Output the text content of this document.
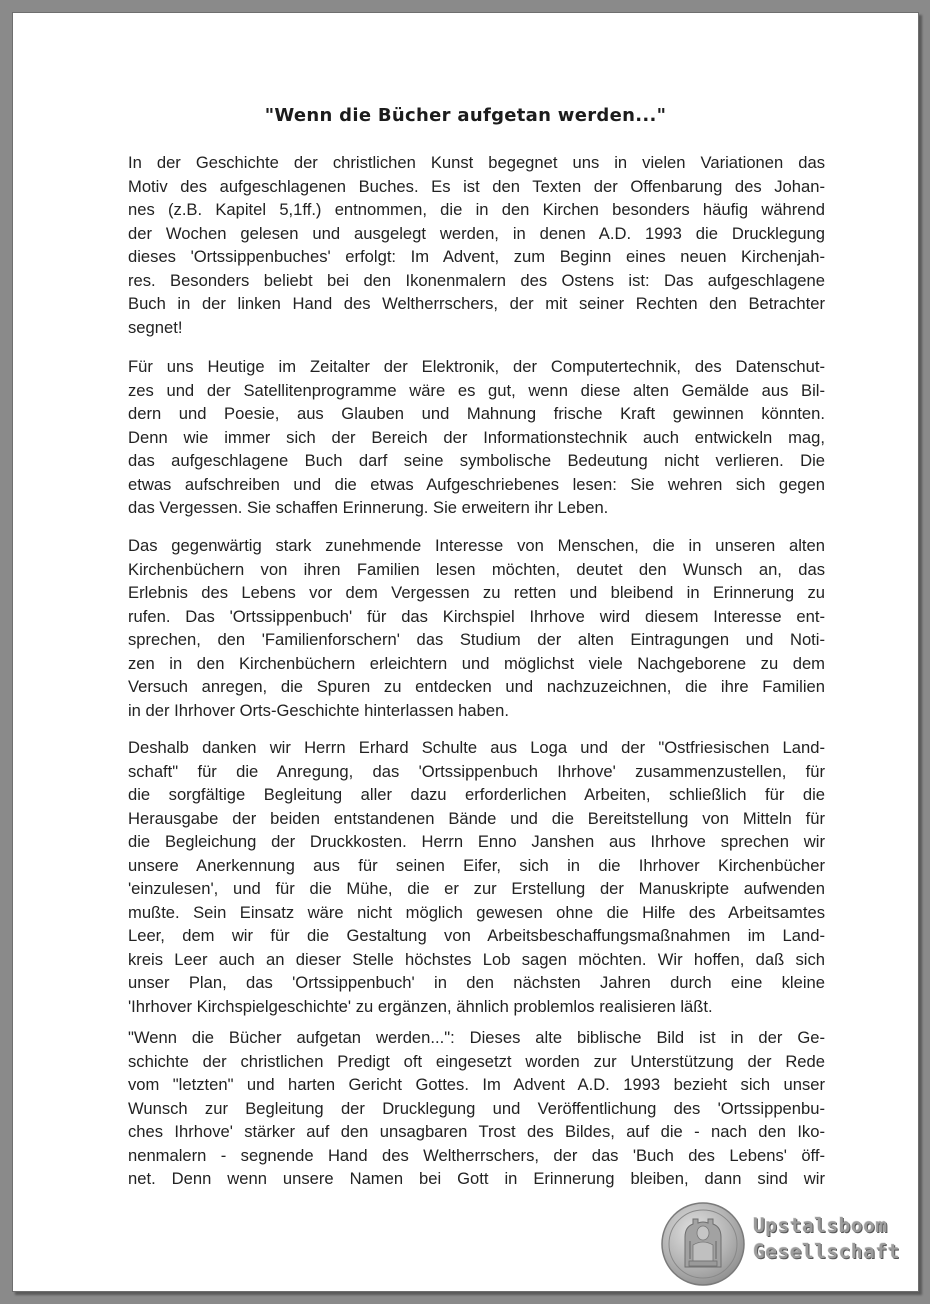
"Wenn die Bücher aufgetan werden..."
In der Geschichte der christlichen Kunst begegnet uns in vielen Variationen das
Motiv des aufgeschlagenen Buches. Es ist den Texten der Offenbarung des Johan-
nes (z.B. Kapitel 5,1ff.) entnommen, die in den Kirchen besonders häufig während
der Wochen gelesen und ausgelegt werden, in denen A.D. 1993 die Drucklegung
dieses 'Ortssippenbuches' erfolgt: Im Advent, zum Beginn eines neuen Kirchenjah-
res. Besonders beliebt bei den Ikonenmalern des Ostens ist: Das aufgeschlagene
Buch in der linken Hand des Weltherrschers, der mit seiner Rechten den Betrachter
segnet!
Für uns Heutige im Zeitalter der Elektronik, der Computertechnik, des Datenschut-
zes und der Satellitenprogramme wäre es gut, wenn diese alten Gemälde aus Bil-
dern und Poesie, aus Glauben und Mahnung frische Kraft gewinnen könnten.
Denn wie immer sich der Bereich der Informationstechnik auch entwickeln mag,
das aufgeschlagene Buch darf seine symbolische Bedeutung nicht verlieren. Die
etwas aufschreiben und die etwas Aufgeschriebenes lesen: Sie wehren sich gegen
das Vergessen. Sie schaffen Erinnerung. Sie erweitern ihr Leben.
Das gegenwärtig stark zunehmende Interesse von Menschen, die in unseren alten
Kirchenbüchern von ihren Familien lesen möchten, deutet den Wunsch an, das
Erlebnis des Lebens vor dem Vergessen zu retten und bleibend in Erinnerung zu
rufen. Das 'Ortssippenbuch' für das Kirchspiel Ihrhove wird diesem Interesse ent-
sprechen, den 'Familienforschern' das Studium der alten Eintragungen und Noti-
zen in den Kirchenbüchern erleichtern und möglichst viele Nachgeborene zu dem
Versuch anregen, die Spuren zu entdecken und nachzuzeichnen, die ihre Familien
in der Ihrhover Orts-Geschichte hinterlassen haben.
Deshalb danken wir Herrn Erhard Schulte aus Loga und der "Ostfriesischen Land-
schaft" für die Anregung, das 'Ortssippenbuch Ihrhove' zusammenzustellen, für
die sorgfältige Begleitung aller dazu erforderlichen Arbeiten, schließlich für die
Herausgabe der beiden entstandenen Bände und die Bereitstellung von Mitteln für
die Begleichung der Druckkosten. Herrn Enno Janshen aus Ihrhove sprechen wir
unsere Anerkennung aus für seinen Eifer, sich in die Ihrhover Kirchenbücher
'einzulesen', und für die Mühe, die er zur Erstellung der Manuskripte aufwenden
mußte. Sein Einsatz wäre nicht möglich gewesen ohne die Hilfe des Arbeitsamtes
Leer, dem wir für die Gestaltung von Arbeitsbeschaffungsmaßnahmen im Land-
kreis Leer auch an dieser Stelle höchstes Lob sagen möchten. Wir hoffen, daß sich
unser Plan, das 'Ortssippenbuch' in den nächsten Jahren durch eine kleine
'Ihrhover Kirchspielgeschichte' zu ergänzen, ähnlich problemlos realisieren läßt.
"Wenn die Bücher aufgetan werden...": Dieses alte biblische Bild ist in der Ge-
schichte der christlichen Predigt oft eingesetzt worden zur Unterstützung der Rede
vom "letzten" und harten Gericht Gottes. Im Advent A.D. 1993 bezieht sich unser
Wunsch zur Begleitung der Drucklegung und Veröffentlichung des 'Ortssippenbu-
ches Ihrhove' stärker auf den unsagbaren Trost des Bildes, auf die - nach den Iko-
nenmalern - segnende Hand des Weltherrschers, der das 'Buch des Lebens' öff-
net. Denn wenn unsere Namen bei Gott in Erinnerung bleiben, dann sind wir
Upstalsboom
Gesellschaft
